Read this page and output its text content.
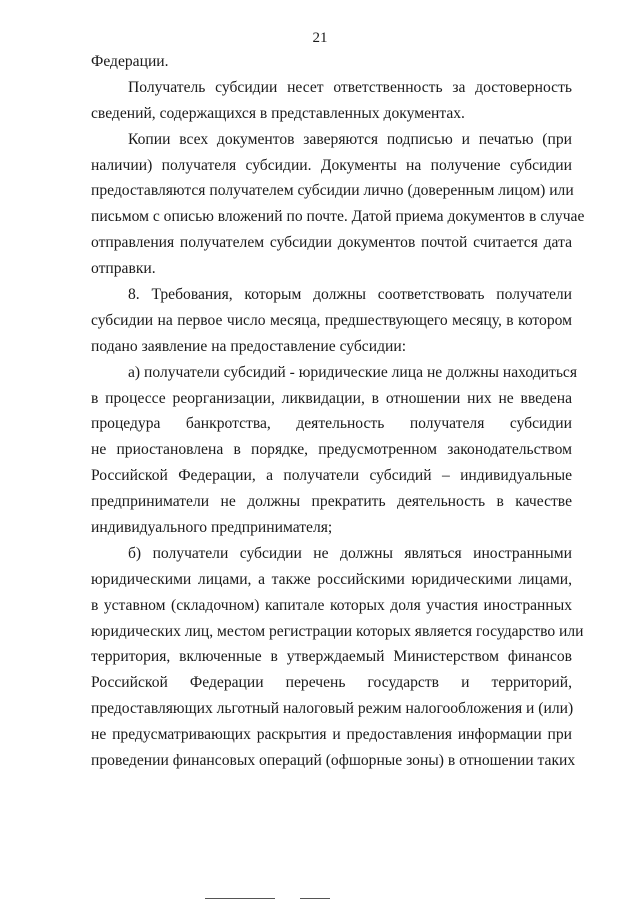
21
Федерации.
Получатель субсидии несет ответственность за достоверность
сведений, содержащихся в представленных документах.
Копии всех документов заверяются подписью и печатью (при
наличии) получателя субсидии. Документы на получение субсидии
предоставляются получателем субсидии лично (доверенным лицом) или
письмом с описью вложений по почте. Датой приема документов в случае
отправления получателем субсидии документов почтой считается дата
отправки.
8. Требования, которым должны соответствовать получатели
субсидии на первое число месяца, предшествующего месяцу, в котором
подано заявление на предоставление субсидии:
а) получатели субсидий - юридические лица не должны находиться
в процессе реорганизации, ликвидации, в отношении них не введена
процедура банкротства, деятельность получателя субсидии
не приостановлена в порядке, предусмотренном законодательством
Российской Федерации, а получатели субсидий – индивидуальные
предприниматели не должны прекратить деятельность в качестве
индивидуального предпринимателя;
б) получатели субсидии не должны являться иностранными
юридическими лицами, а также российскими юридическими лицами,
в уставном (складочном) капитале которых доля участия иностранных
юридических лиц, местом регистрации которых является государство или
территория, включенные в утверждаемый Министерством финансов
Российской Федерации перечень государств и территорий,
предоставляющих льготный налоговый режим налогообложения и (или)
не предусматривающих раскрытия и предоставления информации при
проведении финансовых операций (офшорные зоны) в отношении таких
